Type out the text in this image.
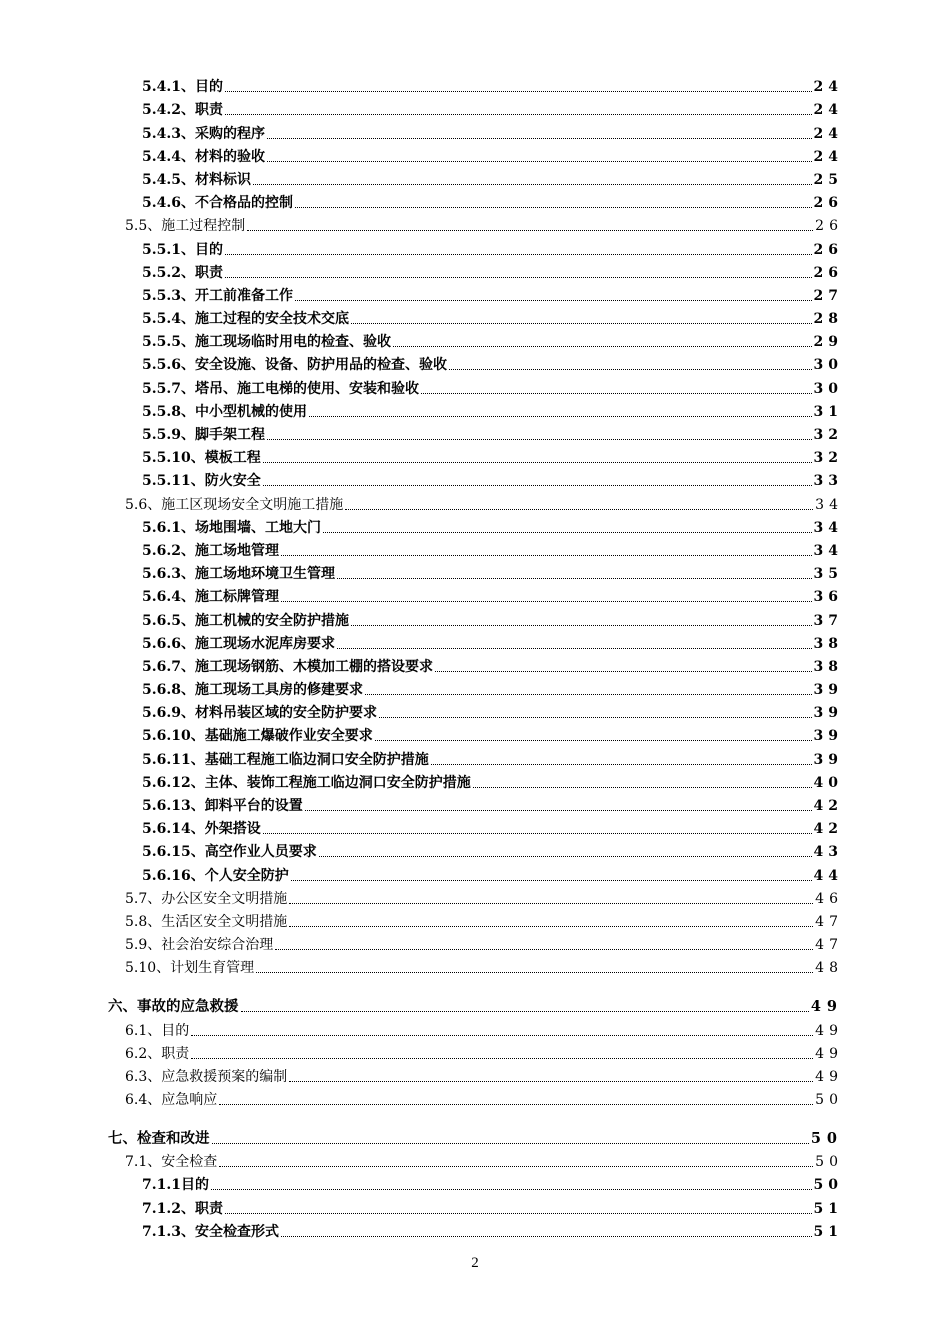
5.4.1、目的	24
5.4.2、职责	24
5.4.3、采购的程序	24
5.4.4、材料的验收	24
5.4.5、材料标识	25
5.4.6、不合格品的控制	26
5.5、施工过程控制	26
5.5.1、目的	26
5.5.2、职责	26
5.5.3、开工前准备工作	27
5.5.4、施工过程的安全技术交底	28
5.5.5、施工现场临时用电的检查、验收	29
5.5.6、安全设施、设备、防护用品的检查、验收	30
5.5.7、塔吊、施工电梯的使用、安装和验收	30
5.5.8、中小型机械的使用	31
5.5.9、脚手架工程	32
5.5.10、模板工程	32
5.5.11、防火安全	33
5.6、施工区现场安全文明施工措施	34
5.6.1、场地围墙、工地大门	34
5.6.2、施工场地管理	34
5.6.3、施工场地环境卫生管理	35
5.6.4、施工标牌管理	36
5.6.5、施工机械的安全防护措施	37
5.6.6、施工现场水泥库房要求	38
5.6.7、施工现场钢筋、木模加工棚的搭设要求	38
5.6.8、施工现场工具房的修建要求	39
5.6.9、材料吊装区域的安全防护要求	39
5.6.10、基础施工爆破作业安全要求	39
5.6.11、基础工程施工临边洞口安全防护措施	39
5.6.12、主体、装饰工程施工临边洞口安全防护措施	40
5.6.13、卸料平台的设置	42
5.6.14、外架搭设	42
5.6.15、高空作业人员要求	43
5.6.16、个人安全防护	44
5.7、办公区安全文明措施	46
5.8、生活区安全文明措施	47
5.9、社会治安综合治理	47
5.10、计划生育管理	48
六、事故的应急救援	49
6.1、目的	49
6.2、职责	49
6.3、应急救援预案的编制	49
6.4、应急响应	50
七、检查和改进	50
7.1、安全检查	50
7.1.1目的	50
7.1.2、职责	51
7.1.3、安全检查形式	51
2
